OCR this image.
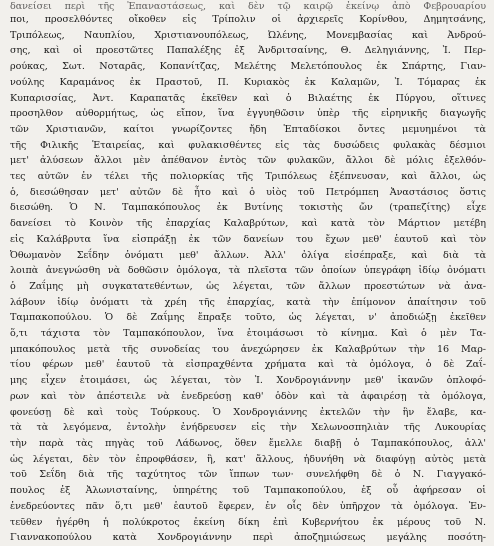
δανείσει περὶ τῆς Ἐπαναστάσεως, καὶ δὲν τῷ καιρῷ ἐκείνῳ ἀπὸ Φεβρουαρίου
ποι, προσελθόντες οἴκοθεν εἰς Τρίπολιν οἱ ἀρχιερεῖς Κορίνθου, Δημητσάνης,
Τριπόλεως, Ναυπλίου, Χριστιανουπόλεως, Ὠλένης, Μονεμβασίας καὶ Ἀνδρού-
σης, καὶ οἱ προεστῶτες Παπαλέξης ἐξ Ἀνδριτσαίνης, Θ. Δεληγιάννης, Ἰ. Περ-
ρούκας, Σωτ. Νοταρᾶς, Κοπανίτζας, Μελέτης Μελετόπουλος ἐκ Σπάρτης, Γιαν-
νούλης Καραμάνος ἐκ Πραστοῦ, Π. Κυριακὸς ἐκ Καλαμῶν, Ἰ. Τόμαρας ἐκ
Κυπαρισσίας, Ἀντ. Καραπατᾶς ἐκεῖθεν καὶ ὁ Βιλαέτης ἐκ Πύργου, οἵτινες
προσηλθον αὐθορμήτως, ὡς εἴπον, ἵνα ἐγγυηθῶσιν ὑπὲρ τῆς εἰρηνικῆς διαγωγῆς
τῶν Χριστιανῶν, καίτοι γνωρίζοντες ἤδη Ἑπταδίσκοι ὄντες μεμυημένοι τὰ
τῆς Φιλικῆς Ἑταιρείας, καὶ φυλακισθέντες εἰς τὰς δυσώδεις φυλακὰς δέσμιοι
μετ' ἀλύσεων ἄλλοι μὲν ἀπέθανον ἐντὸς τῶν φυλακῶν, ἄλλοι δὲ μόλις ἐξελθόν-
τες αὐτῶν ἐν τέλει τῆς πολιορκίας τῆς Τριπόλεως ἐξέπνευσαν, καὶ ἄλλοι, ὡς
ὁ, διεσώθησαν μετ' αὐτῶν δὲ ἦτο καὶ ὁ υἱὸς τοῦ Πετρόμπεη Ἀναστάσιος ὅστις
διεσώθη. Ὁ Ν. Ταμπακόπουλος ἐκ Βυτίνης τοκιστὴς ὤν (τραπεζίτης) εἶχε
δανείσει τὸ Κοινὸν τῆς ἐπαρχίας Καλαβρύτων, καὶ κατὰ τὸν Μάρτιον μετέβη
εἰς Καλάβρυτα ἵνα εἰσπράξῃ ἐκ τῶν δανείων του ἔχων μεθ' ἑαυτοῦ καὶ τὸν
Ὀθωμανὸν Σεΐδην ὀνόματι μεθ' ἄλλων. Ἀλλ' ὀλίγα εἰσέπραξε, καὶ διὰ τὰ
λοιπὰ ἀνεγνώσθη νὰ δοθῶσιν ὁμόλογα, τὰ πλεῖστα τῶν ὁποίων ὑπεγράφη ἰδίῳ ὀνόματι
ὁ Ζαΐμης μὴ συγκατατεθέντων, ὡς λέγεται, τῶν ἄλλων προεστώτων νὰ ἀνα-
λάβουν ἰδίῳ ὀνόματι τὰ χρέη τῆς ἐπαρχίας, κατὰ τὴν ἐπίμονον ἀπαίτησιν τοῦ
Ταμπακοπούλου. Ὁ δὲ Ζαΐμης ἔπραξε τοῦτο, ὡς λέγεται, ν' ἀποδιώξῃ ἐκεῖθεν
ὅ,τι τάχιστα τὸν Ταμπακόπουλον, ἵνα ἑτοιμάσωσι τὸ κίνημα. Καὶ ὁ μὲν Τα-
μπακόπουλος μετὰ τῆς συνοδείας του ἀνεχώρησεν ἐκ Καλαβρύτων τὴν 16 Μαρ-
τίου φέρων μεθ' ἑαυτοῦ τὰ εἰσπραχθέντα χρήματα καὶ τὰ ὁμόλογα, ὁ δὲ Ζαΐ-
μης εἶχεν ἑτοιμάσει, ὡς λέγεται, τὸν Ἰ. Χονδρογιάννην μεθ' ἱκανῶν ὁπλοφό-
ρων καὶ τὸν ἀπέστειλε νὰ ἐνεδρεύσῃ καθ' ὁδὸν καὶ τὰ ἀφαιρέσῃ τὰ ὁμόλογα,
φονεύσῃ δὲ καὶ τοὺς Τούρκους. Ὁ Χονδρογιάννης ἐκτελῶν τὴν ἣν ἔλαβε, κα-
τὰ τὰ λεγόμενα, ἐντολὴν ἐνήδρευσεν εἰς τὴν Χελωνοσπηλιὰν τῆς Λυκουρίας
τὴν παρὰ τὰς πηγὰς τοῦ Λάδωνος, ὅθεν ἔμελλε διαβῇ ὁ Ταμπακόπουλος, ἀλλ'
ὡς λέγεται, δὲν τὸν ἐπροφθάσεν, ἢ, κατ' ἄλλους, ἠδυνήθη νὰ διαφύγῃ αὐτὸς μετὰ
τοῦ Σεΐδη διὰ τῆς ταχύτητος τῶν ἵππων των· συνελήφθη δὲ ὁ Ν. Γιαγγακό-
πουλος ἐξ Ἀλωνισταίνης, ὑπηρέτης τοῦ Ταμπακοπούλου, ἐξ οὗ ἀφήρεσαν οἱ
ἐνεδρεύοντες πᾶν ὅ,τι μεθ' ἑαυτοῦ ἔφερεν, ἐν οἷς δὲν ὑπῆρχον τὰ ὁμόλογα. Ἐν-
τεῦθεν ἠγέρθη ἡ πολύκροτος ἐκείνη δίκη ἐπὶ Κυβερνήτου ἐκ μέρους τοῦ Ν.
Γιαννακοπούλου κατὰ Χονδρογιάννην περὶ ἀποζημιώσεως μεγάλης ποσότη-
